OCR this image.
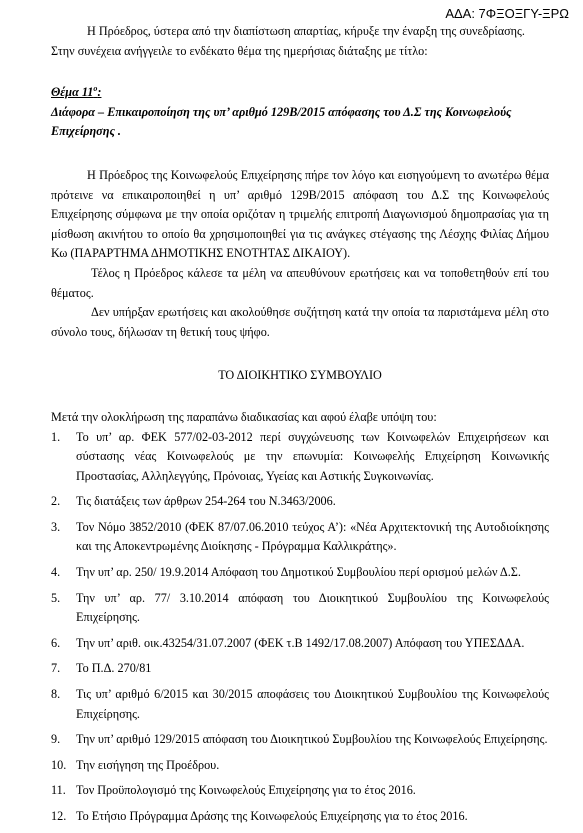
ΑΔΑ: 7ΦΞΟΞΓΥ-ΞΡΩ

Η Πρόεδρος, ύστερα από την διαπίστωση απαρτίας, κήρυξε την έναρξη της συνεδρίασης.

Στην συνέχεια ανήγγειλε το ενδέκατο θέμα της ημερήσιας διάταξης με τίτλο:

Θέμα $11^o$:

Διάφορα – Επικαιροποίηση της υπ’ αριθμό 129Β/2015 απόφασης του Δ.Σ της Κοινωφελούς Επιχείρησης .

Η Πρόεδρος της Κοινωφελούς Επιχείρησης πήρε τον λόγο και εισηγούμενη το ανωτέρω θέμα πρότεινε να επικαιροποιηθεί η υπ’ αριθμό 129Β/2015 απόφαση του Δ.Σ της Κοινωφελούς Επιχείρησης σύμφωνα με την οποία οριζόταν η τριμελής επιτροπή Διαγωνισμού δημοπρασίας για τη μίσθωση ακινήτου το οποίο θα χρησιμοποιηθεί για τις ανάγκες στέγασης της Λέσχης Φιλίας Δήμου Κω (ΠΑΡΑΡΤΗΜΑ ΔΗΜΟΤΙΚΗΣ ΕΝΟΤΗΤΑΣ ΔΙΚΑΙΟΥ).

Τέλος η Πρόεδρος κάλεσε τα μέλη να απευθύνουν ερωτήσεις και να τοποθετηθούν επί του θέματος.

Δεν υπήρξαν ερωτήσεις και ακολούθησε συζήτηση κατά την οποία τα παριστάμενα μέλη στο σύνολο τους, δήλωσαν τη θετική τους ψήφο.

ΤΟ ΔΙΟΙΚΗΤΙΚΟ ΣΥΜΒΟΥΛΙΟ

Μετά την ολοκλήρωση της παραπάνω διαδικασίας και αφού έλαβε υπόψη του:

1. Το υπ’ αρ. ΦΕΚ 577/02-03-2012 περί συγχώνευσης των Κοινωφελών Επιχειρήσεων και σύστασης νέας Κοινωφελούς με την επωνυμία: Κοινωφελής Επιχείρηση Κοινωνικής Προστασίας, Αλληλεγγύης, Πρόνοιας, Υγείας και Αστικής Συγκοινωνίας.
2. Τις διατάξεις των άρθρων 254-264 του Ν.3463/2006.
3. Τον Νόμο 3852/2010 (ΦΕΚ 87/07.06.2010 τεύχος Α’): «Νέα Αρχιτεκτονική της Αυτοδιοίκησης και της Αποκεντρωμένης Διοίκησης - Πρόγραμμα Καλλικράτης».
4. Την υπ’ αρ. 250/ 19.9.2014 Απόφαση του Δημοτικού Συμβουλίου περί ορισμού μελών Δ.Σ.
5. Την υπ’ αρ. 77/ 3.10.2014 απόφαση του Διοικητικού Συμβουλίου της Κοινωφελούς Επιχείρησης.
6. Την υπ’ αριθ. οικ.43254/31.07.2007 (ΦΕΚ τ.Β 1492/17.08.2007) Απόφαση του ΥΠΕΣΔΔΑ.
7. Το Π.Δ. 270/81
8. Τις υπ’ αριθμό 6/2015 και 30/2015 αποφάσεις του Διοικητικού Συμβουλίου της Κοινωφελούς Επιχείρησης.
9. Την υπ’ αριθμό 129/2015 απόφαση του Διοικητικού Συμβουλίου της Κοινωφελούς Επιχείρησης.
10. Την εισήγηση της Προέδρου.
11. Τον Προϋπολογισμό της Κοινωφελούς Επιχείρησης για το έτος 2016.
12. Το Ετήσιο Πρόγραμμα Δράσης της Κοινωφελούς Επιχείρησης για το έτος 2016.
